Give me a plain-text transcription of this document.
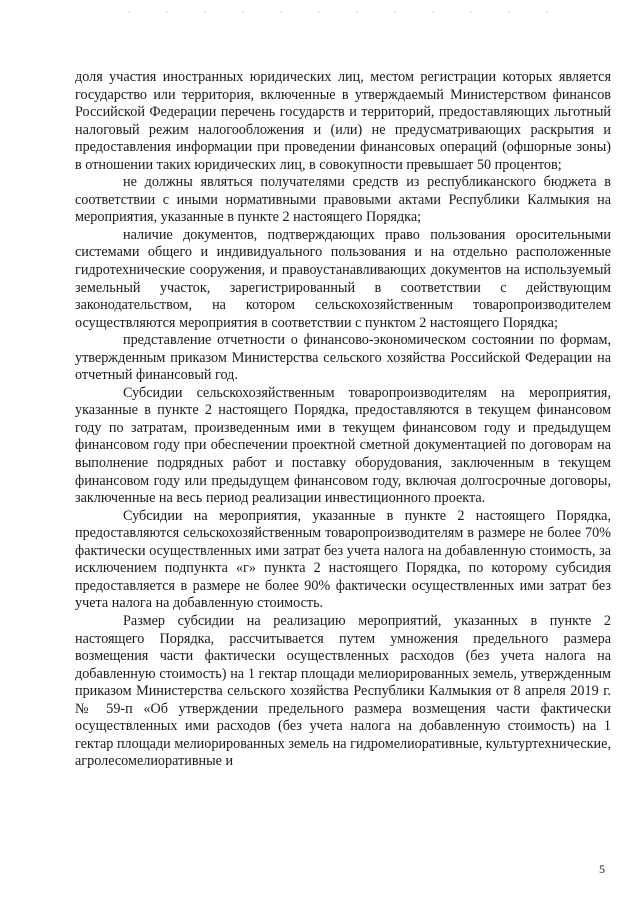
доля участия иностранных юридических лиц, местом регистрации которых является государство или территория, включенные в утверждаемый Министерством финансов Российской Федерации перечень государств и территорий, предоставляющих льготный налоговый режим налогообложения и (или) не предусматривающих раскрытия и предоставления информации при проведении финансовых операций (офшорные зоны) в отношении таких юридических лиц, в совокупности превышает 50 процентов;

не должны являться получателями средств из республиканского бюджета в соответствии с иными нормативными правовыми актами Республики Калмыкия на мероприятия, указанные в пункте 2 настоящего Порядка;

наличие документов, подтверждающих право пользования оросительными системами общего и индивидуального пользования и на отдельно расположенные гидротехнические сооружения, и правоустанавливающих документов на используемый земельный участок, зарегистрированный в соответствии с действующим законодательством, на котором сельскохозяйственным товаропроизводителем осуществляются мероприятия в соответствии с пунктом 2 настоящего Порядка;

представление отчетности о финансово-экономическом состоянии по формам, утвержденным приказом Министерства сельского хозяйства Российской Федерации на отчетный финансовый год.

Субсидии сельскохозяйственным товаропроизводителям на мероприятия, указанные в пункте 2 настоящего Порядка, предоставляются в текущем финансовом году по затратам, произведенным ими в текущем финансовом году и предыдущем финансовом году при обеспечении проектной сметной документацией по договорам на выполнение подрядных работ и поставку оборудования, заключенным в текущем финансовом году или предыдущем финансовом году, включая долгосрочные договоры, заключенные на весь период реализации инвестиционного проекта.

Субсидии на мероприятия, указанные в пункте 2 настоящего Порядка, предоставляются сельскохозяйственным товаропроизводителям в размере не более 70% фактически осуществленных ими затрат без учета налога на добавленную стоимость, за исключением подпункта «г» пункта 2 настоящего Порядка, по которому субсидия предоставляется в размере не более 90% фактически осуществленных ими затрат без учета налога на добавленную стоимость.

Размер субсидии на реализацию мероприятий, указанных в пункте 2 настоящего Порядка, рассчитывается путем умножения предельного размера возмещения части фактически осуществленных расходов (без учета налога на добавленную стоимость) на 1 гектар площади мелиорированных земель, утвержденным приказом Министерства сельского хозяйства Республики Калмыкия от 8 апреля 2019 г. № 59-п «Об утверждении предельного размера возмещения части фактически осуществленных ими расходов (без учета налога на добавленную стоимость) на 1 гектар площади мелиорированных земель на гидромелиоративные, культуртехнические, агролесомелиоративные и

5
